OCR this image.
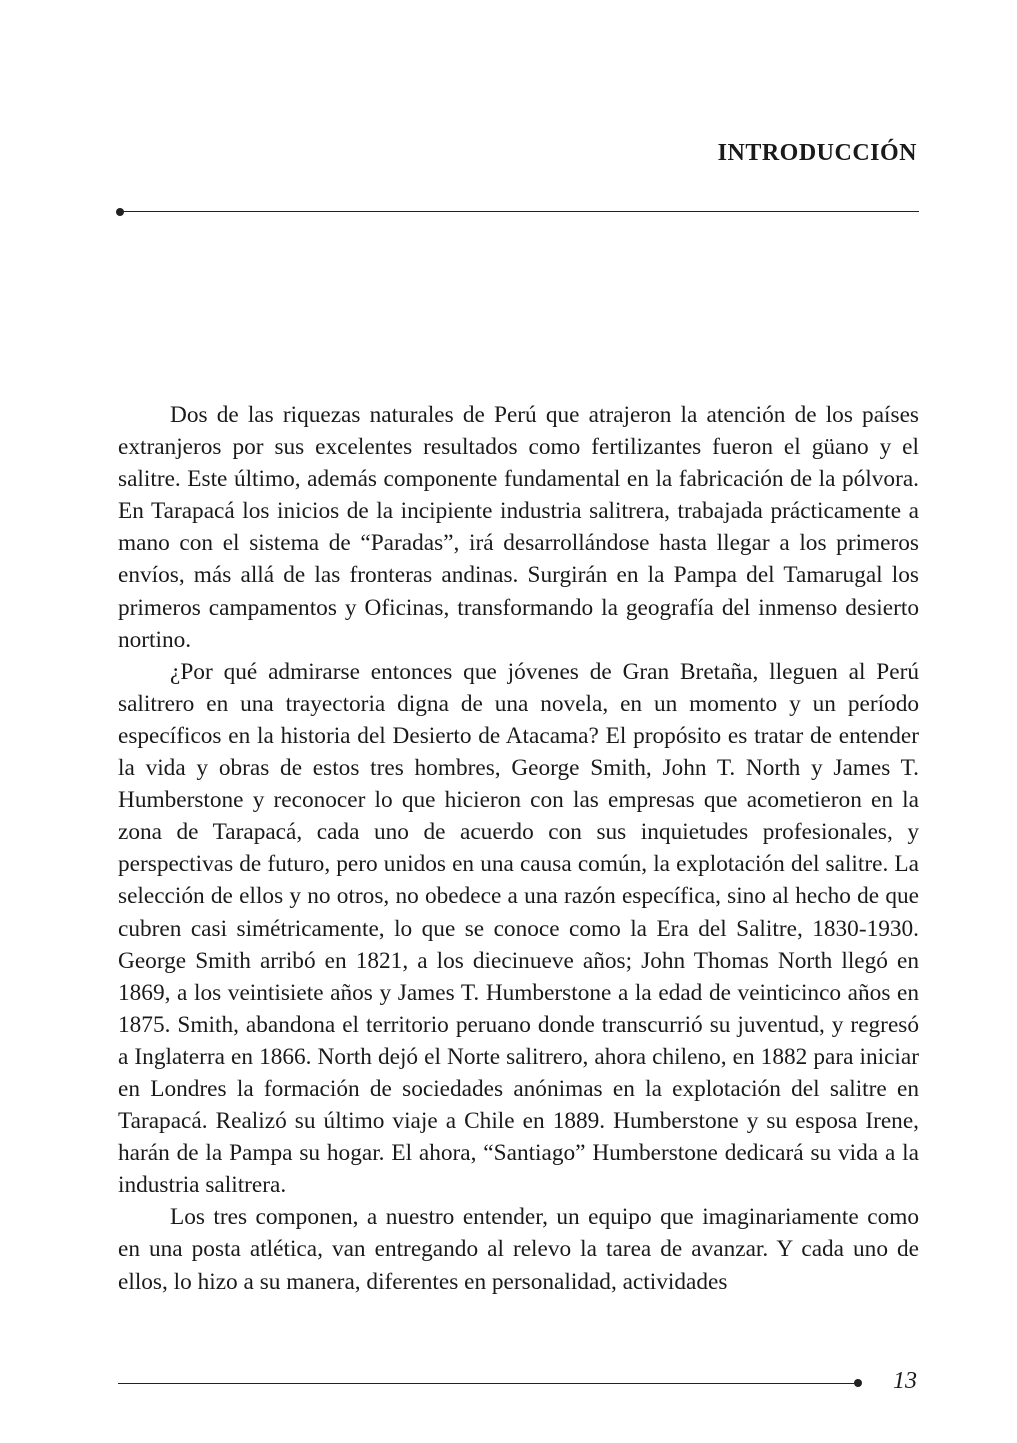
INTRODUCCIÓN

Dos de las riquezas naturales de Perú que atrajeron la atención de los países extranjeros por sus excelentes resultados como fertilizantes fueron el güano y el salitre. Este último, además componente fundamental en la fabricación de la pólvora. En Tarapacá los inicios de la incipiente industria salitrera, trabajada prácticamente a mano con el sistema de “Paradas”, irá desarrollándose hasta llegar a los primeros envíos, más allá de las fronteras andinas. Surgirán en la Pampa del Tamarugal los primeros campamentos y Oficinas, transformando la geografía del inmenso desierto nortino.

¿Por qué admirarse entonces que jóvenes de Gran Bretaña, lleguen al Perú salitrero en una trayectoria digna de una novela, en un momento y un período específicos en la historia del Desierto de Atacama? El propósito es tratar de entender la vida y obras de estos tres hombres, George Smith, John T. North y James T. Humberstone y reconocer lo que hicieron con las empresas que acometieron en la zona de Tarapacá, cada uno de acuerdo con sus inquietudes profesionales, y perspectivas de futuro, pero unidos en una causa común, la explotación del salitre. La selección de ellos y no otros, no obedece a una razón específica, sino al hecho de que cubren casi simétricamente, lo que se conoce como la Era del Salitre, 1830-1930. George Smith arribó en 1821, a los diecinueve años; John Thomas North llegó en 1869, a los veintisiete años y James T. Humberstone a la edad de veinticinco años en 1875. Smith, abandona el territorio peruano donde transcurrió su juventud, y regresó a Inglaterra en 1866. North dejó el Norte salitrero, ahora chileno, en 1882 para iniciar en Londres la formación de sociedades anónimas en la explotación del salitre en Tarapacá. Realizó su último viaje a Chile en 1889. Humberstone y su esposa Irene, harán de la Pampa su hogar. El ahora, “Santiago” Humberstone dedicará su vida a la industria salitrera.

Los tres componen, a nuestro entender, un equipo que imaginariamente como en una posta atlética, van entregando al relevo la tarea de avanzar. Y cada uno de ellos, lo hizo a su manera, diferentes en personalidad, actividades

13
